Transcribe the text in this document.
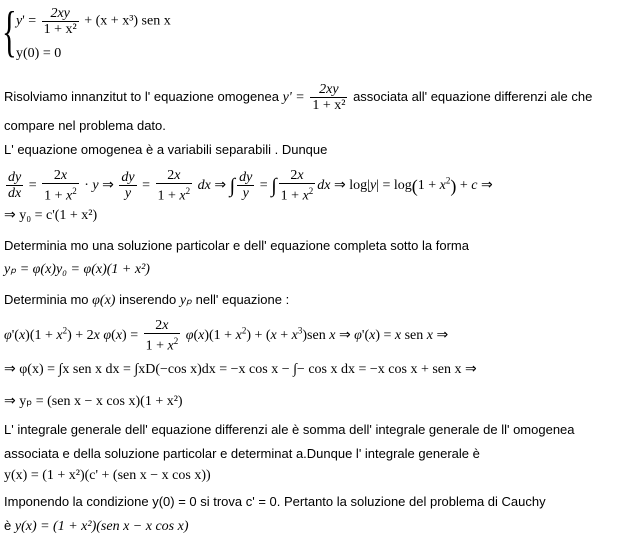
{ $y' = \frac{2xy}{\text{1 + x²}} + (x + x^3)$ sen x
y(0) = 0
Risolviamo innanzitut to l' equazione omogenea $y' = \frac{2xy}{\text{1 + x²}}$ associata all' equazione differenzi ale che
compare nel problema dato.
L' equazione omogenea è a variabili separabili . Dunque
$\frac{dy}{dx} = \frac{2x}{1 + x^2} \cdot y$ ⇒ $\frac{dy}{y} = \frac{2x}{1 + x^2}$ dx ⇒ ∫ $\frac{dy}{y}$ = ∫ $\frac{2x}{1 + x^2}$ dx ⇒ $\log|y| = \log(1 + x^2) + c$ ⇒
⇒ y₀ = c'(1 + x²)
Determinia mo una soluzione particolar e dell' equazione completa sotto la forma
yₚ = φ(x)y₀ = φ(x)(1 + x²)
Determinia mo φ(x) inserendo yₚ nell' equazione :
$\varphi'(x)(1 + x^2) + 2x$ $\varphi(x) = \frac{2x}{1 + x^2} \varphi(x)(1 + x^2) + (x + x^3)sen$ x ⇒ φ'(x) = x sen x ⇒
⇒ φ(x) = ∫x sen x dx = ∫xD(−cos x)dx = −x cos x − ∫− cos x dx = −x cos x + sen x ⇒
⇒ yₚ = (sen x − x cos x)(1 + x²)
L' integrale generale dell' equazione differenzi ale è somma dell' integrale generale de ll' omogenea
associata e della soluzione particolar e determinat a.Dunque l' integrale generale è
y(x) = (1 + x²)(c' + (sen x − x cos x))
Imponendo la condizione y(0) = 0 si trova c' = 0. Pertanto la soluzione del problema di Cauchy
è y(x) = (1 + x²)(sen x − x cos x)
